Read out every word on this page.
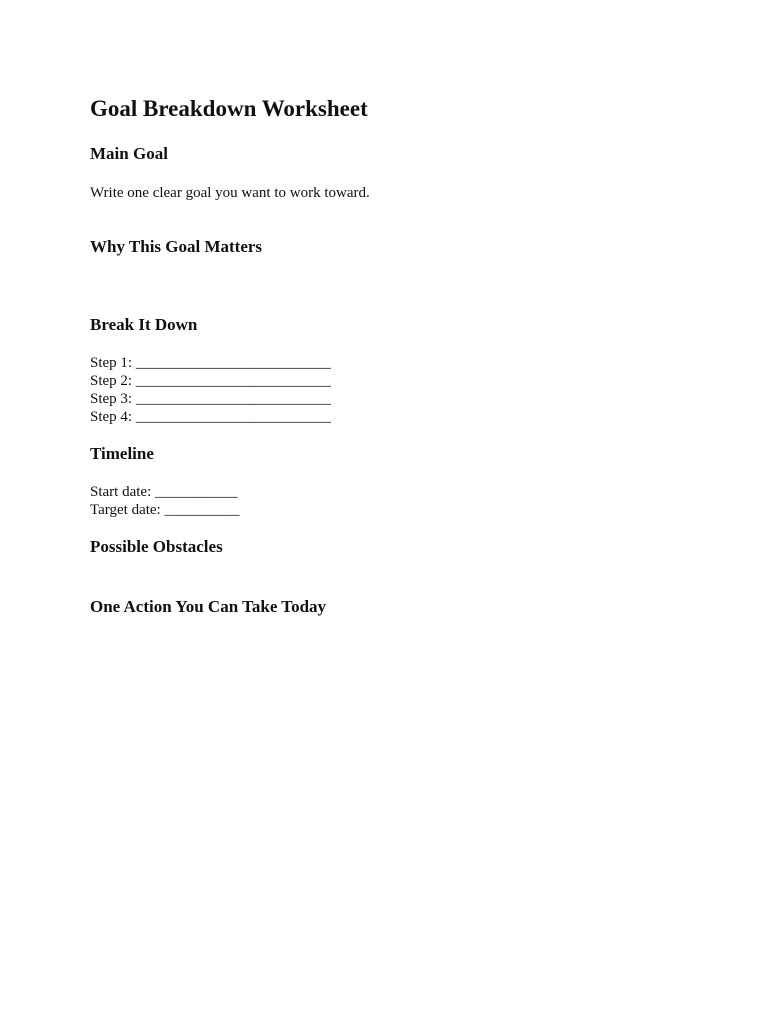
Goal Breakdown Worksheet
Main Goal

Write one clear goal you want to work toward.

Why This Goal Matters
Break It Down
Step 1: __________________________
Step 2: __________________________
Step 3: __________________________
Step 4: __________________________
Timeline
Start date: ___________
Target date: __________
Possible Obstacles
One Action You Can Take Today
